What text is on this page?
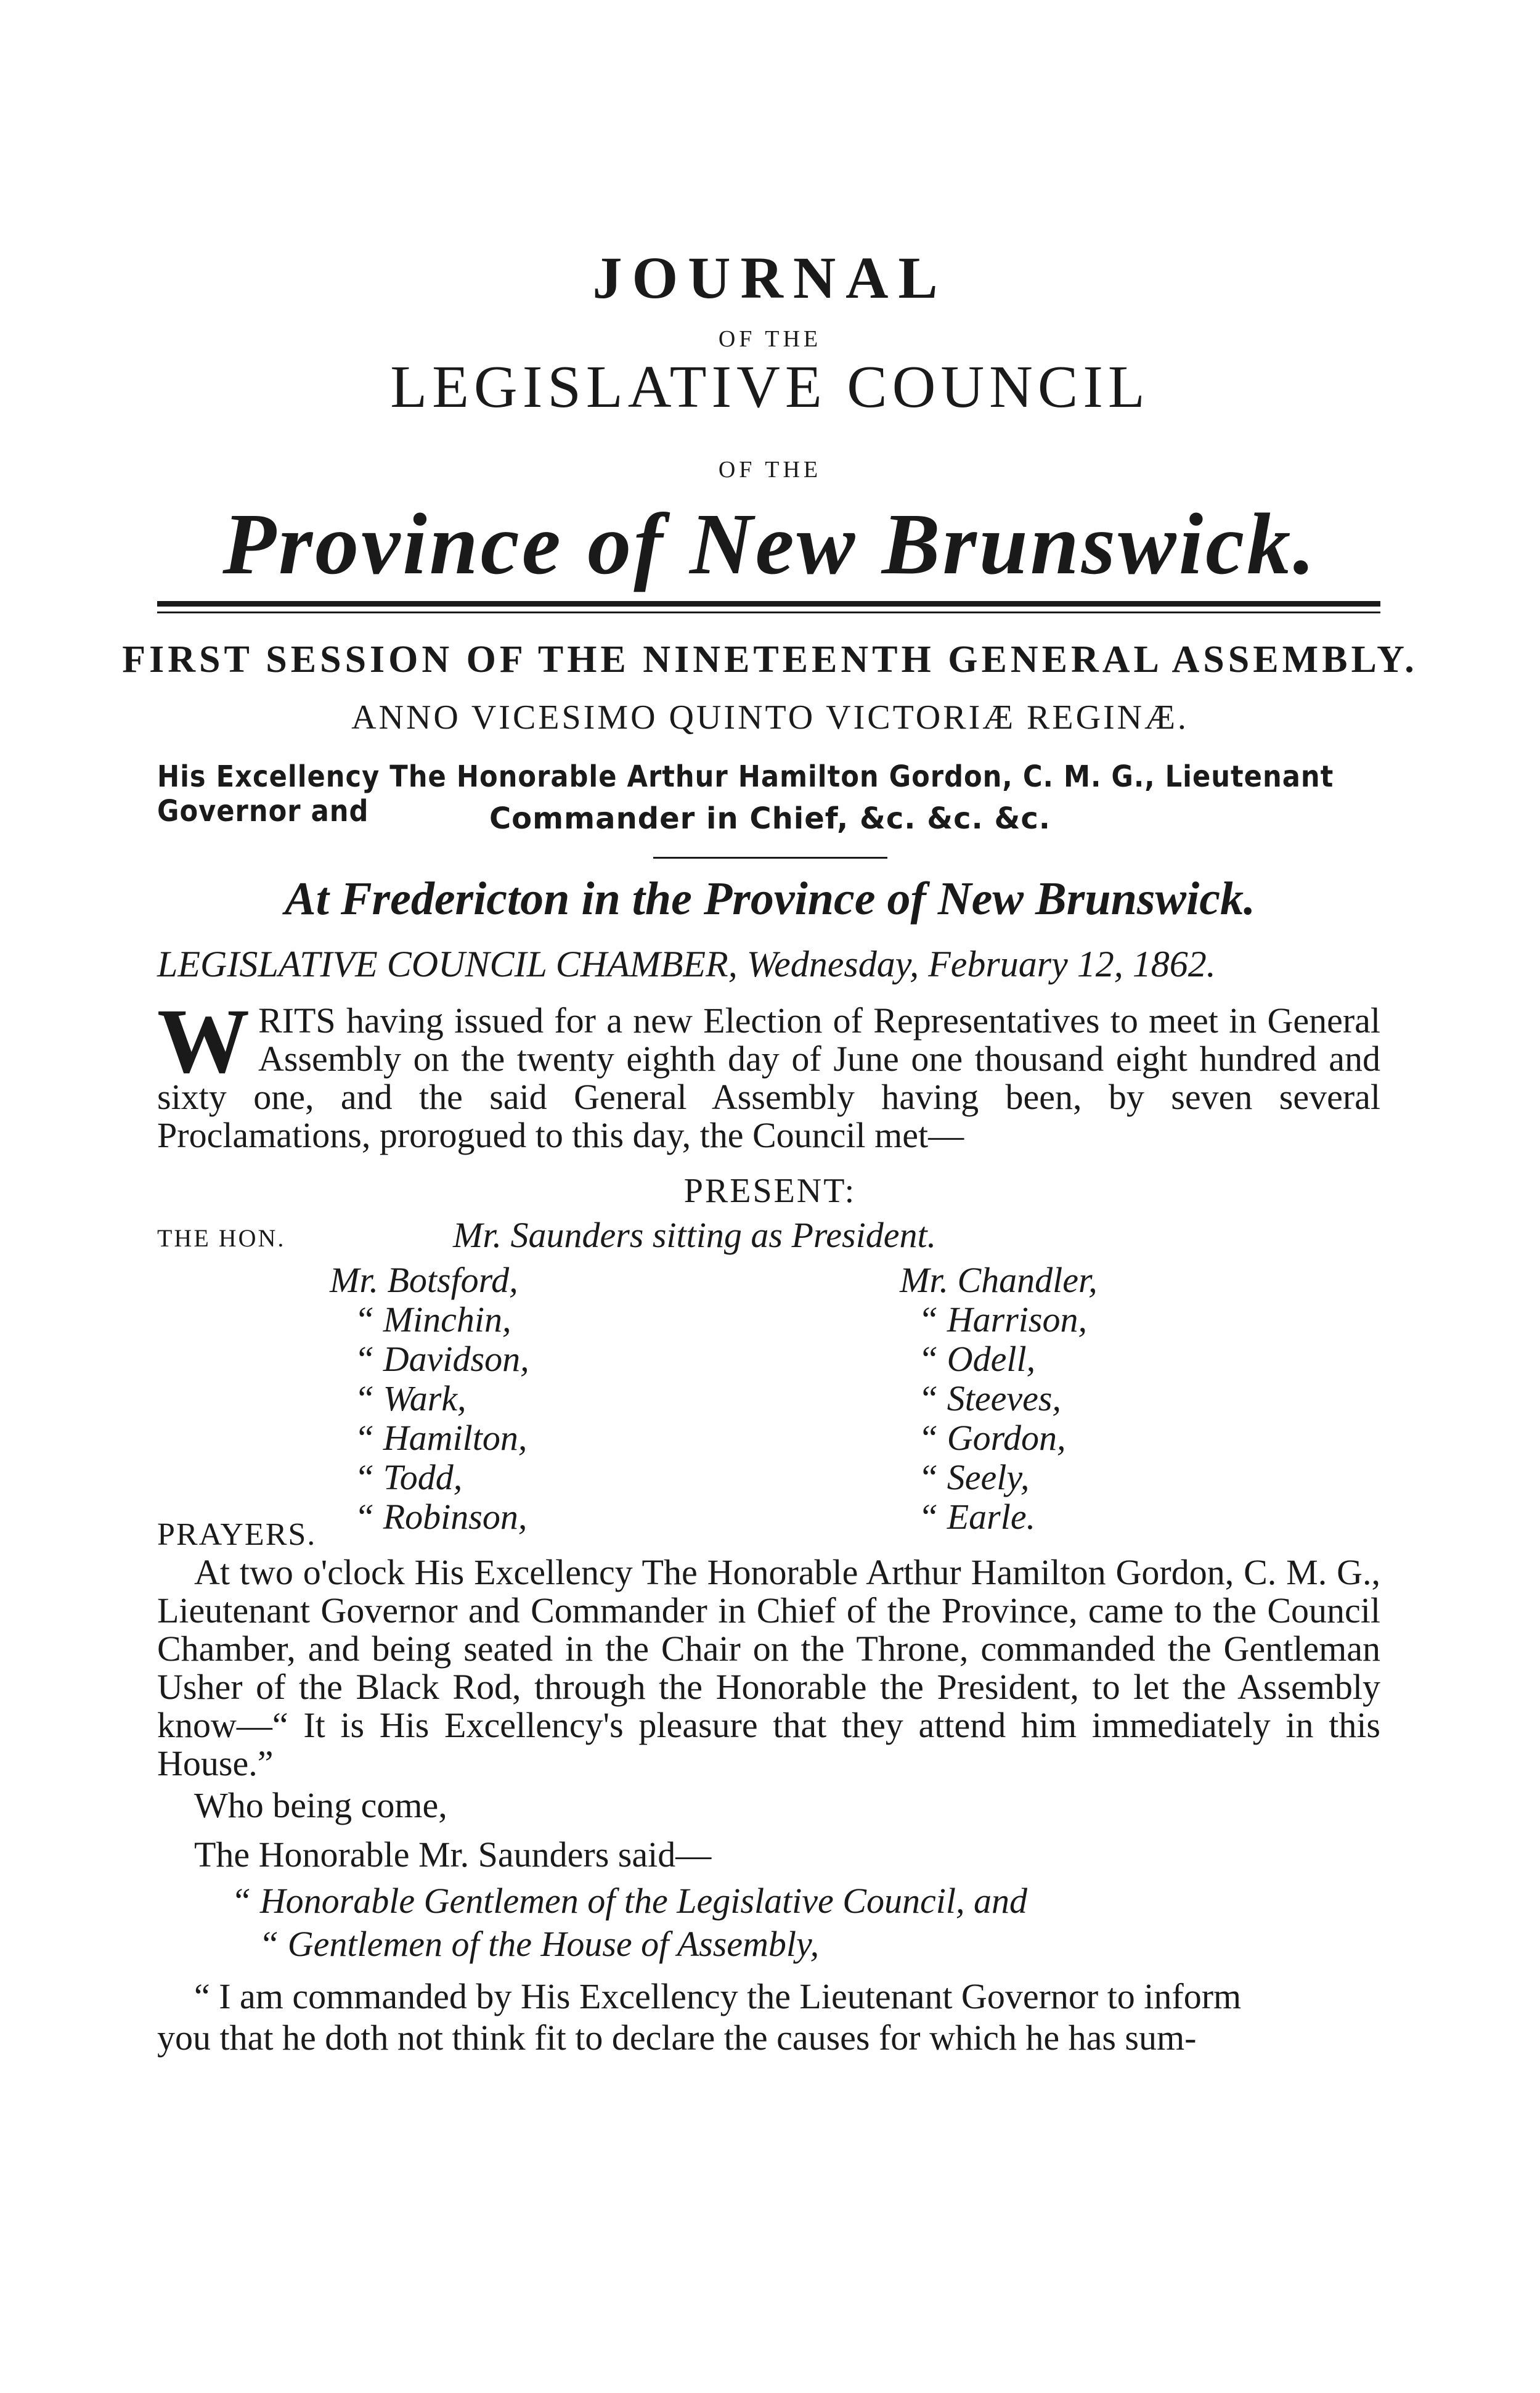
JOURNAL
OF THE
LEGISLATIVE COUNCIL
OF THE
Province of New Brunswick.
FIRST SESSION OF THE NINETEENTH GENERAL ASSEMBLY.
ANNO VICESIMO QUINTO VICTORIÆ REGINÆ.
His Excellency The Honorable Arthur Hamilton Gordon, C. M. G., Lieutenant Governor and	Commander in Chief, &c. &c. &c.
At Fredericton in the Province of New Brunswick.
LEGISLATIVE COUNCIL CHAMBER, Wednesday, February 12, 1862.
W RITS having issued for a new Election of Representatives to meet in General Assembly on the twenty eighth day of June one thousand eight hundred and sixty one, and the said General Assembly having been, by seven several Proclamations, prorogued to this day, the Council met—
PRESENT:
THE HON.	Mr. Saunders sitting as President.
Mr. Botsford,
“ Minchin,
“ Davidson,
“ Wark,
“ Hamilton,
“ Todd,
“ Robinson,
Mr. Chandler,
“ Harrison,
“ Odell,
“ Steeves,
“ Gordon,
“ Seely,
“ Earle.
PRAYERS.
At two o'clock His Excellency The Honorable Arthur Hamilton Gordon, C. M. G., Lieutenant Governor and Commander in Chief of the Province, came to the Council Chamber, and being seated in the Chair on the Throne, commanded the Gentleman Usher of the Black Rod, through the Honorable the President, to let the Assembly know—“ It is His Excellency's pleasure that they attend him immediately in this House.”
Who being come,
The Honorable Mr. Saunders said—
“ Honorable Gentlemen of the Legislative Council, and
“ Gentlemen of the House of Assembly,
“ I am commanded by His Excellency the Lieutenant Governor to inform
you that he doth not think fit to declare the causes for which he has sum-
